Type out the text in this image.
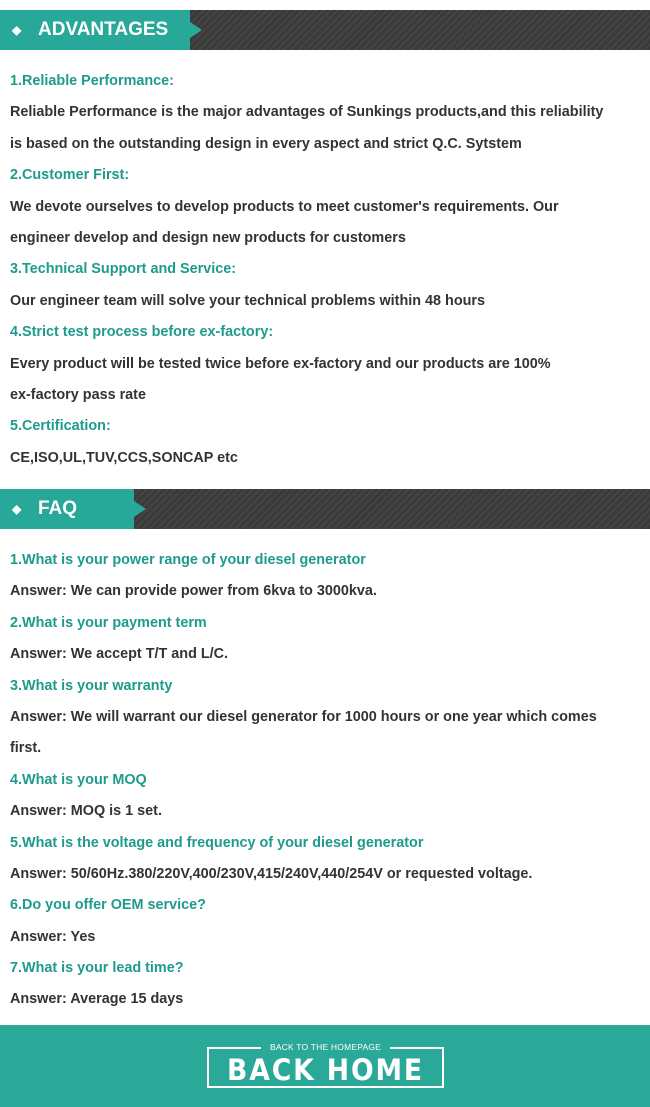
◆ ADVANTAGES
1.Reliable Performance:
Reliable Performance is the major advantages of Sunkings products,and this reliability
is based on the outstanding design in every aspect and strict Q.C. Sytstem
2.Customer First:
We devote ourselves to develop products to meet customer's requirements. Our
engineer develop and design new products for customers
3.Technical Support and Service:
Our engineer team will solve your technical problems within 48 hours
4.Strict test process before ex-factory:
Every product will be tested twice before ex-factory and our products are 100%
ex-factory pass rate
5.Certification:
CE,ISO,UL,TUV,CCS,SONCAP etc
◆ FAQ
1.What is your power range of your diesel generator
Answer: We can provide power from 6kva to 3000kva.
2.What is your payment term
Answer: We accept T/T and L/C.
3.What is your warranty
Answer: We will warrant our diesel generator for 1000 hours or one year which comes
first.
4.What is your MOQ
Answer: MOQ is 1 set.
5.What is the voltage and frequency of your diesel generator
Answer: 50/60Hz.380/220V,400/230V,415/240V,440/254V or requested voltage.
6.Do you offer OEM service?
Answer: Yes
7.What is your lead time?
Answer: Average 15 days
BACK TO THE HOMEPAGE
BACK HOME
